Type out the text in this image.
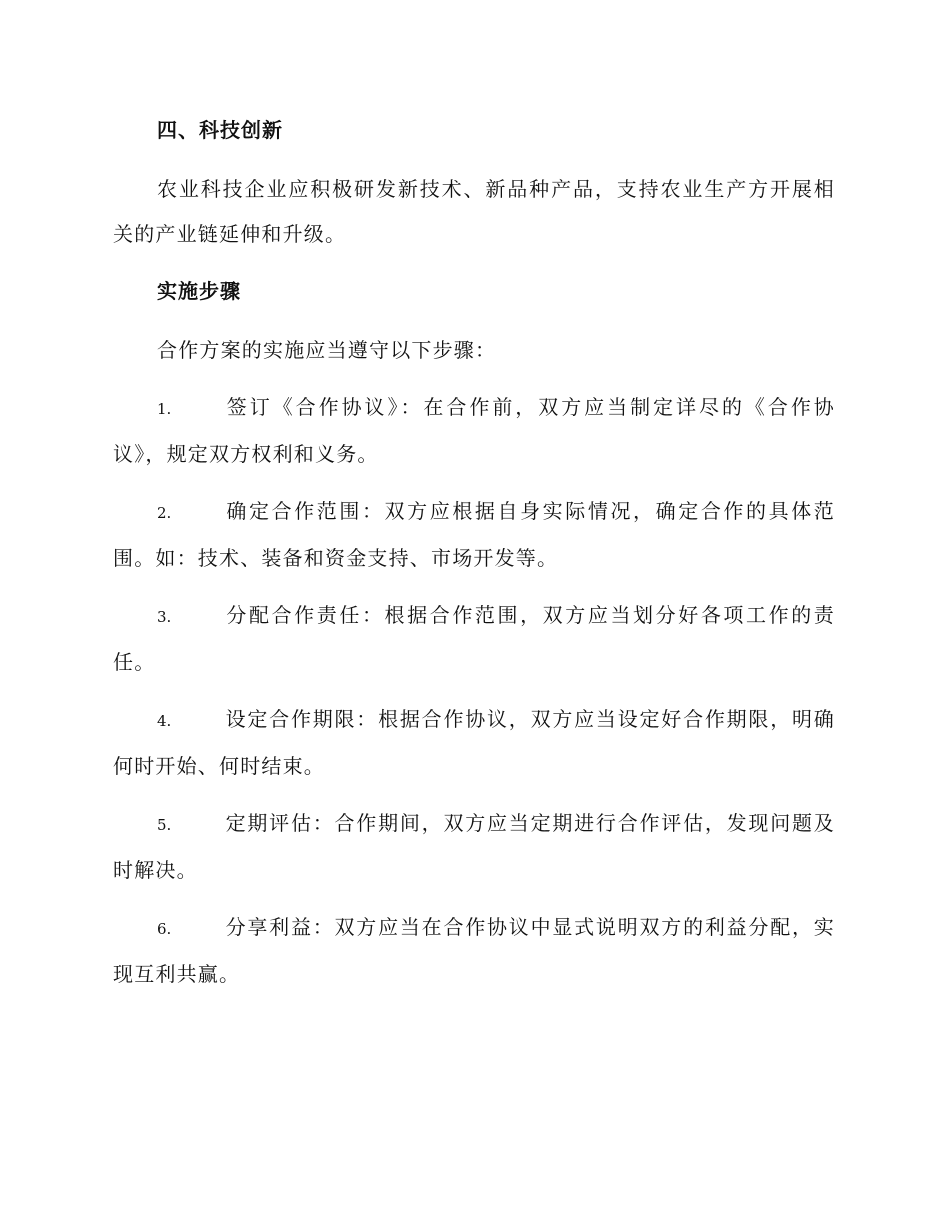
四、科技创新
农业科技企业应积极研发新技术、新品种产品，支持农业生产方开展相关的产业链延伸和升级。
实施步骤
合作方案的实施应当遵守以下步骤：
1.	签订《合作协议》：在合作前，双方应当制定详尽的《合作协议》，规定双方权利和义务。
2.	确定合作范围：双方应根据自身实际情况，确定合作的具体范围。如：技术、装备和资金支持、市场开发等。
3.	分配合作责任：根据合作范围，双方应当划分好各项工作的责任。
4.	设定合作期限：根据合作协议，双方应当设定好合作期限，明确何时开始、何时结束。
5.	定期评估：合作期间，双方应当定期进行合作评估，发现问题及时解决。
6.	分享利益：双方应当在合作协议中显式说明双方的利益分配，实现互利共赢。
